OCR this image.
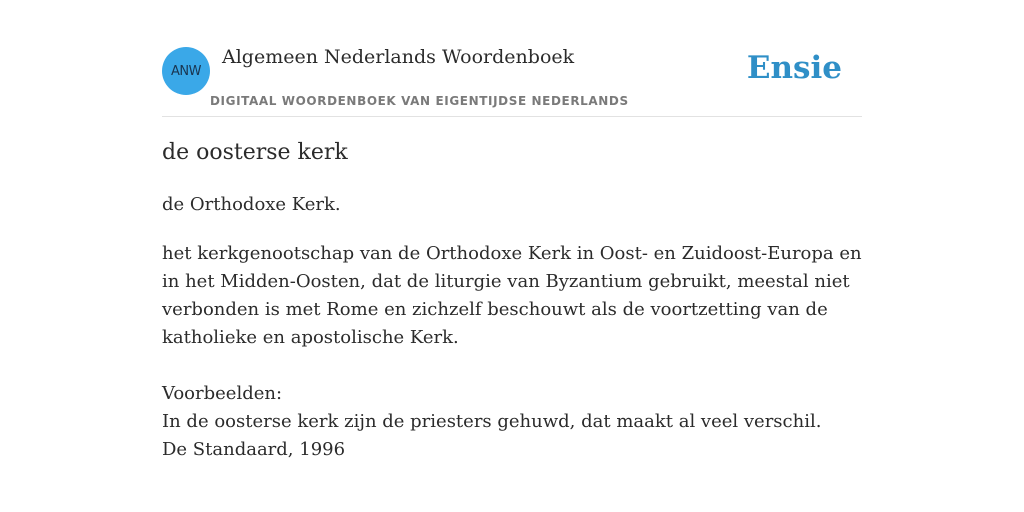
ANW
Algemeen Nederlands Woordenboek
DIGITAAL WOORDENBOEK VAN EIGENTIJDSE NEDERLANDS
Ensie
de oosterse kerk

de Orthodoxe Kerk.

het kerkgenootschap van de Orthodoxe Kerk in Oost- en Zuidoost-Europa en in het Midden-Oosten, dat de liturgie van Byzantium gebruikt, meestal niet verbonden is met Rome en zichzelf beschouwt als de voortzetting van de katholieke en apostolische Kerk.

Voorbeelden:
In de oosterse kerk zijn de priesters gehuwd, dat maakt al veel verschil.
De Standaard, 1996
